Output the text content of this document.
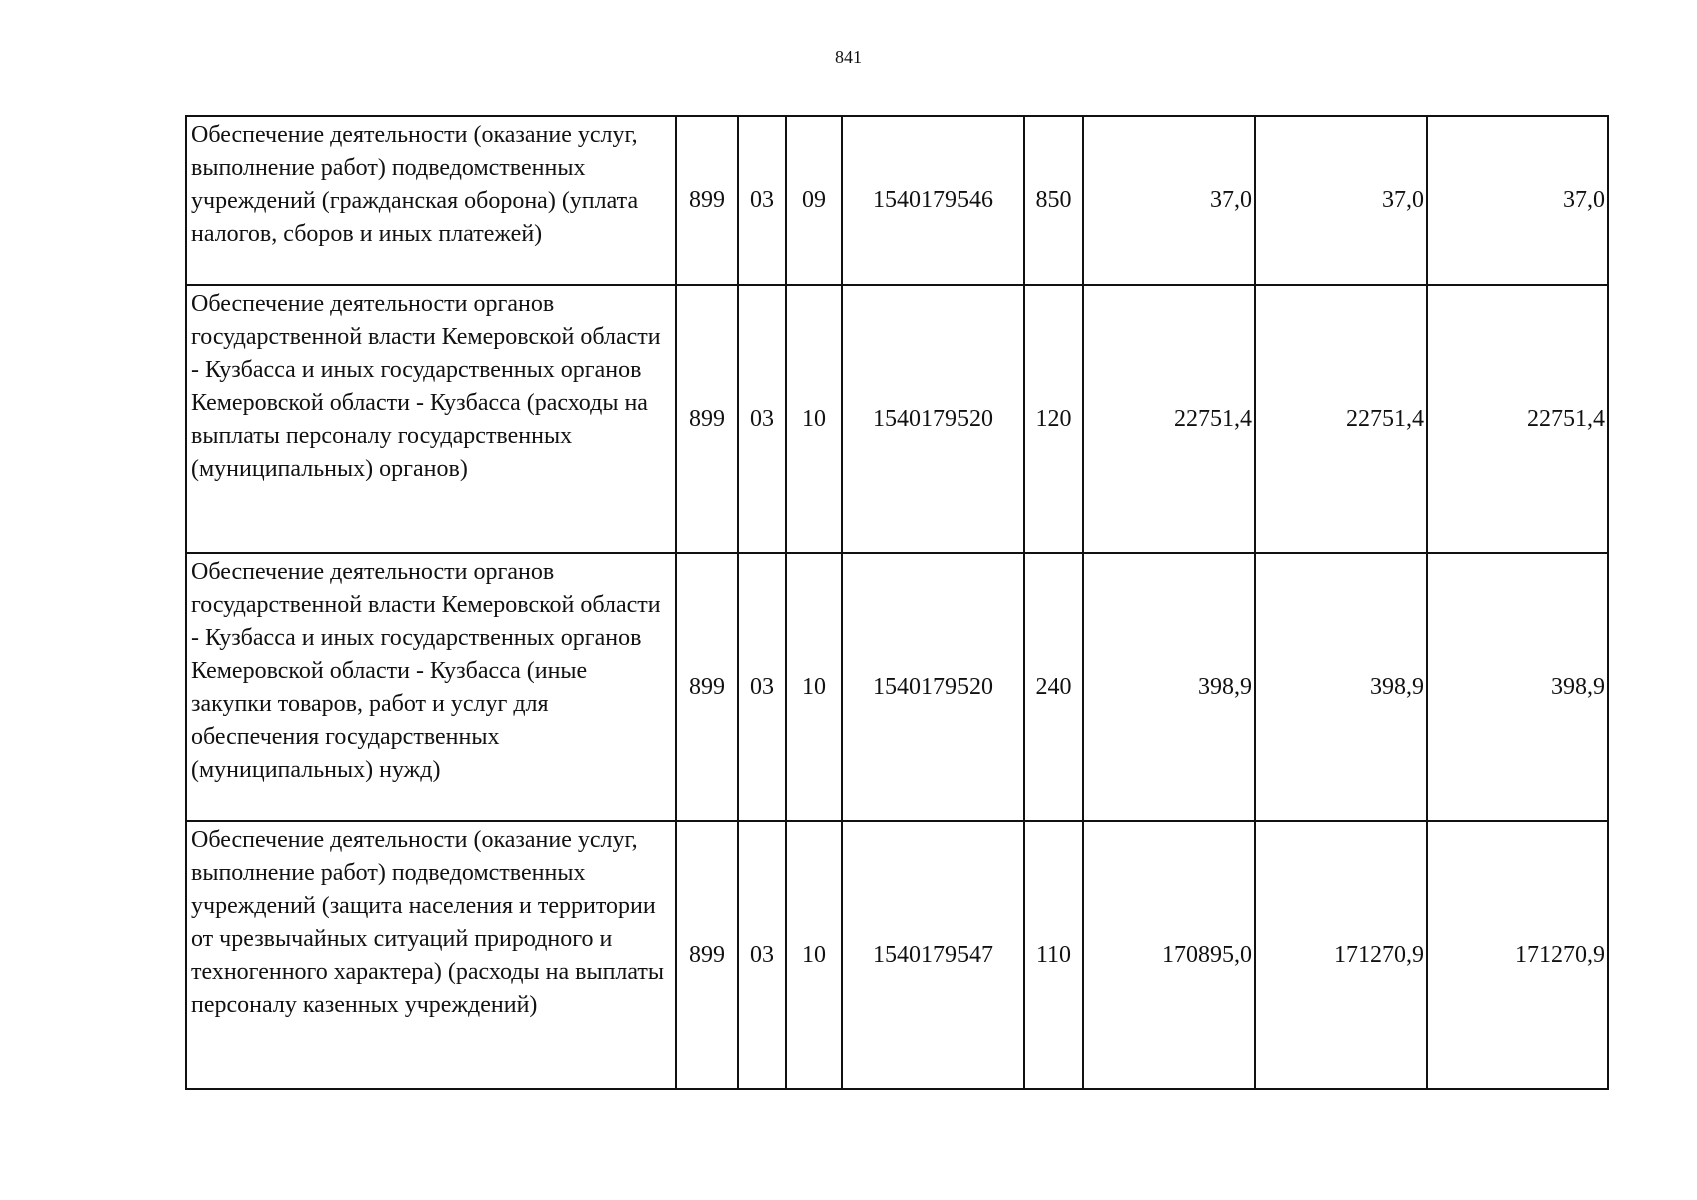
841
Обеспечение деятельности (оказание услуг, выполнение работ) подведомственных учреждений (гражданская оборона) (уплата налогов, сборов и иных платежей)	899	03	09	1540179546	850	37,0	37,0	37,0
Обеспечение деятельности органов государственной власти Кемеровской области - Кузбасса и иных государственных органов Кемеровской области - Кузбасса (расходы на выплаты персоналу государственных (муниципальных) органов)	899	03	10	1540179520	120	22751,4	22751,4	22751,4
Обеспечение деятельности органов государственной власти Кемеровской области - Кузбасса и иных государственных органов Кемеровской области - Кузбасса (иные закупки товаров, работ и услуг для обеспечения государственных (муниципальных) нужд)	899	03	10	1540179520	240	398,9	398,9	398,9
Обеспечение деятельности (оказание услуг, выполнение работ) подведомственных учреждений (защита населения и территории от чрезвычайных ситуаций природного и техногенного характера) (расходы на выплаты персоналу казенных учреждений)	899	03	10	1540179547	110	170895,0	171270,9	171270,9
